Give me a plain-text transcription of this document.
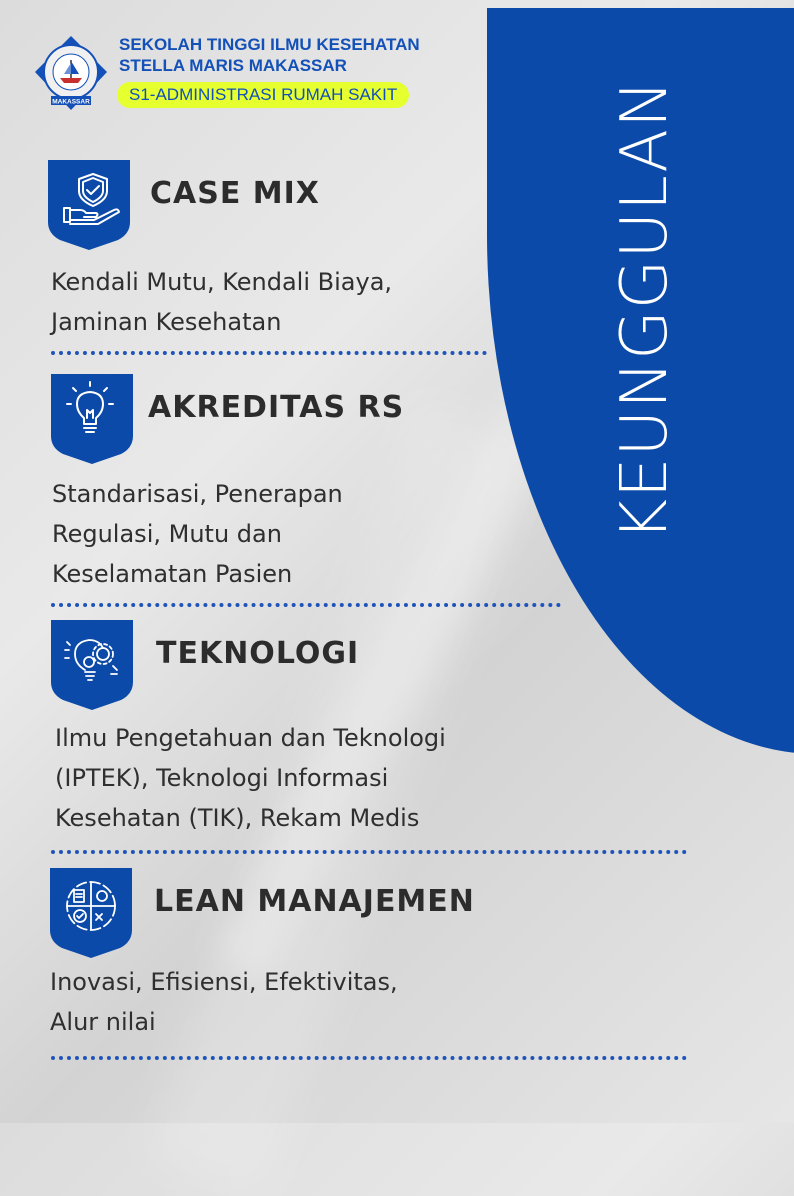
KEUNGGULAN
MAKASSAR
SEKOLAH TINGGI ILMU KESEHATAN
STELLA MARIS MAKASSAR
S1-ADMINISTRASI RUMAH SAKIT
CASE MIX
Kendali Mutu, Kendali Biaya,
Jaminan Kesehatan
AKREDITAS RS
Standarisasi, Penerapan
Regulasi, Mutu dan
Keselamatan Pasien
TEKNOLOGI
Ilmu Pengetahuan dan Teknologi
(IPTEK), Teknologi Informasi
Kesehatan (TIK), Rekam Medis
LEAN MANAJEMEN
Inovasi, Efisiensi, Efektivitas,
Alur nilai
